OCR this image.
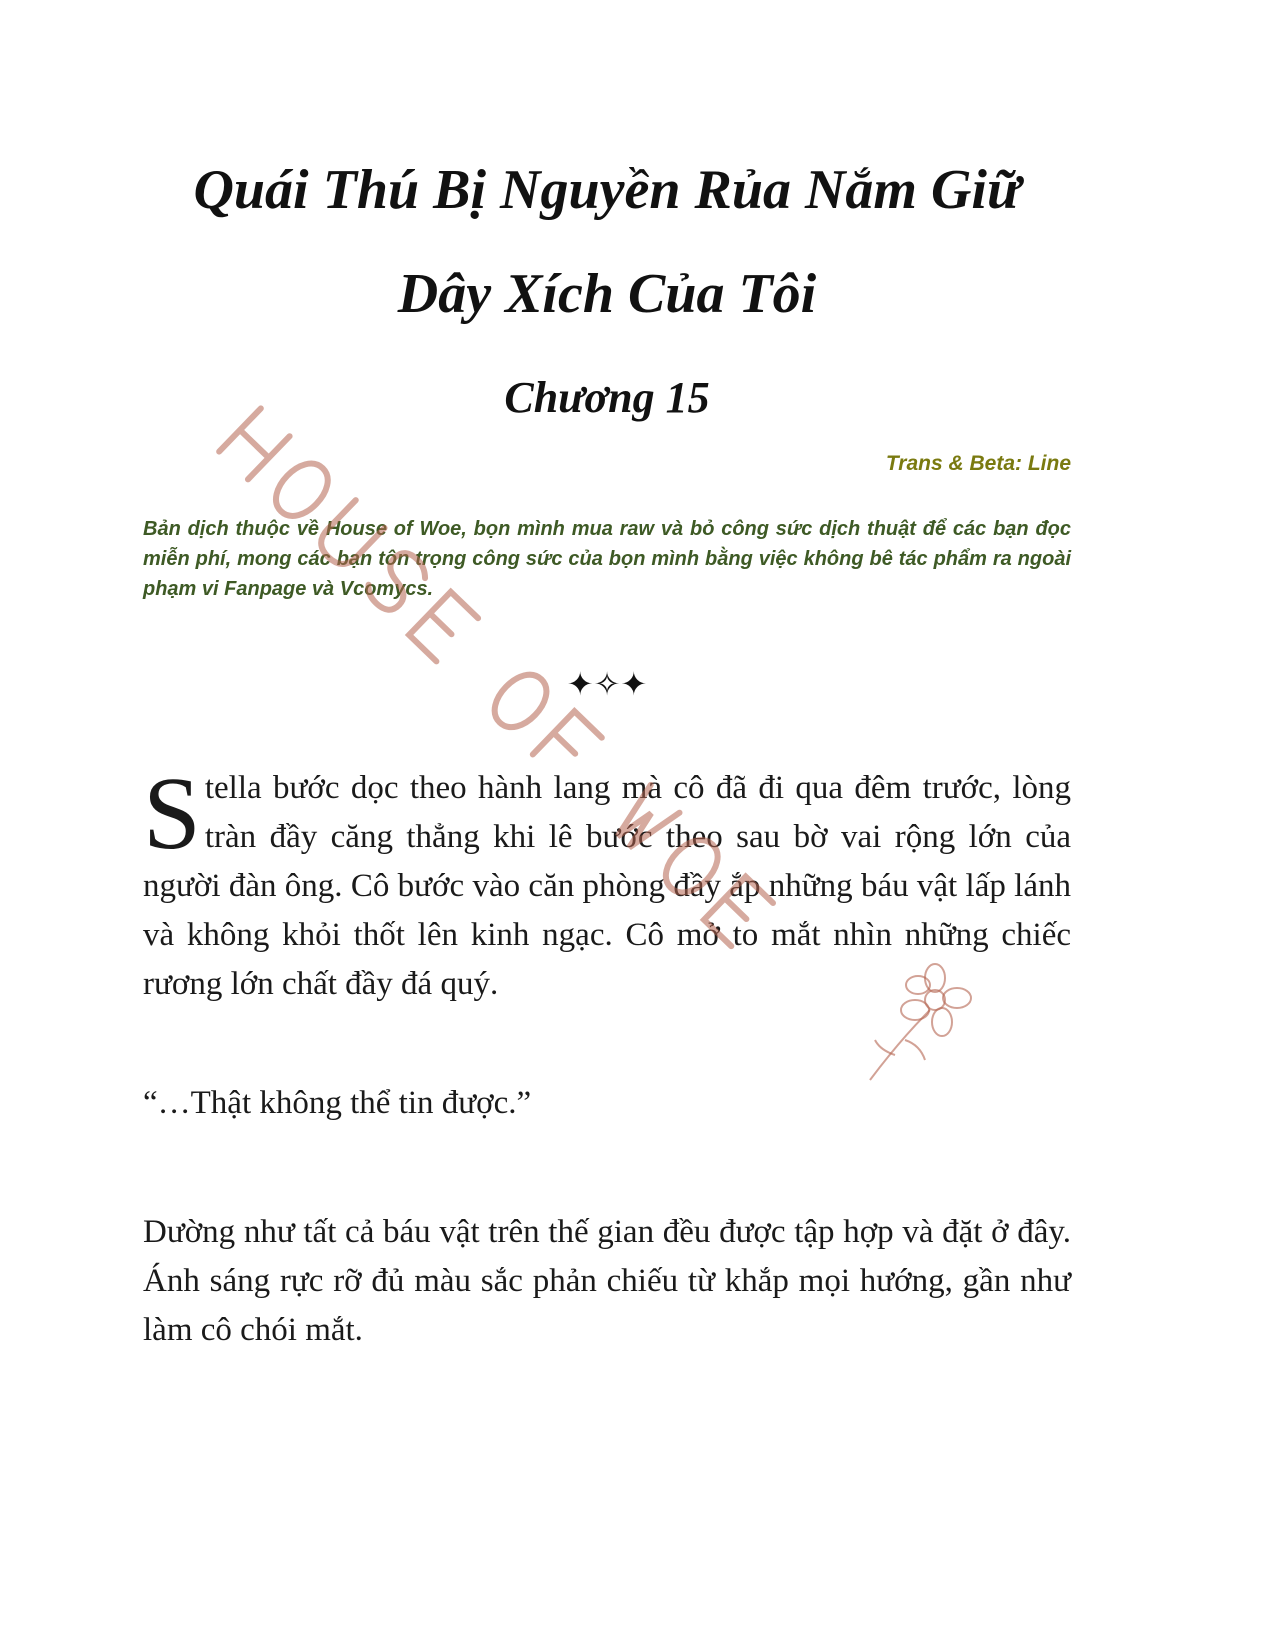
Quái Thú Bị Nguyền Rủa Nắm Giữ
Dây Xích Của Tôi
Chương 15
Trans & Beta: Line
Bản dịch thuộc về House of Woe, bọn mình mua raw và bỏ công sức dịch thuật để các bạn đọc miễn phí, mong các bạn tôn trọng công sức của bọn mình bằng việc không bê tác phẩm ra ngoài phạm vi Fanpage và Vcomycs.
✦✧✦
Stella bước dọc theo hành lang mà cô đã đi qua đêm trước, lòng tràn đầy căng thẳng khi lê bước theo sau bờ vai rộng lớn của người đàn ông. Cô bước vào căn phòng đầy ắp những báu vật lấp lánh và không khỏi thốt lên kinh ngạc. Cô mở to mắt nhìn những chiếc rương lớn chất đầy đá quý.
“…Thật không thể tin được.”
Dường như tất cả báu vật trên thế gian đều được tập hợp và đặt ở đây. Ánh sáng rực rỡ đủ màu sắc phản chiếu từ khắp mọi hướng, gần như làm cô chói mắt.
